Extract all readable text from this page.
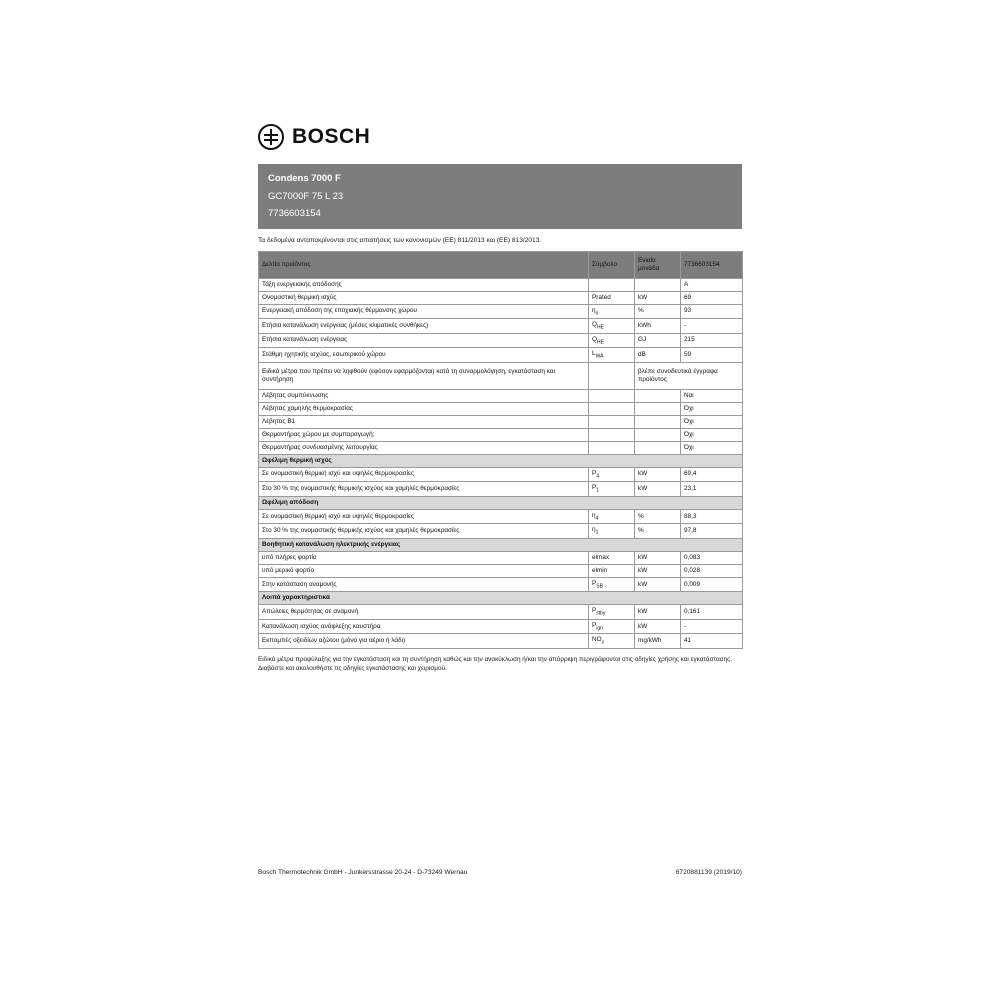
BOSCH
Condens 7000 F
GC7000F 75 L 23
7736603154
Τα δεδομένα ανταποκρίνονται στις απαιτήσεις των κανονισμών (ΕΕ) 811/2013 και (ΕΕ) 813/2013.
Δελτίο προϊόντος	Σύμβολο	Ενιαία μονάδα	7736603154
Τάξη ενεργειακής απόδοσης			A
Ονομαστική θερμική ισχύς	Prated	kW	69
Ενεργειακή απόδοση της εποχιακής θέρμανσης χώρου	$\eta_s$	%	93
Ετήσια κατανάλωση ενέργειας (μέσες κλιματικές συνθήκες)	$Q_{HE}$	kWh	-
Ετήσια κατανάλωση ενέργειας	$Q_{HE}$	GJ	215
Στάθμη ηχητικής ισχύος, εσωτερικού χώρου	$L_{WA}$	dB	59
Ειδικά μέτρα που πρέπει να ληφθούν (εφόσον εφαρμόζονται) κατά τη συναρμολόγηση, εγκατάσταση και συντήρηση		βλέπε συνοδευτικά έγγραφα προϊόντος	
Λέβητας συμπύκνωσης			Ναι
Λέβητας χαμηλής θερμοκρασίας			Όχι
Λέβητας Β1			Όχι
Θερμαντήρας χώρου με συμπαραγωγή;			Όχι
Θερμαντήρας συνδυασμένης λειτουργίας			Όχι
Ωφέλιμη θερμική ισχύς			
Σε ονομαστική θερμική ισχύ και υψηλές θερμοκρασίες	$P_4$	kW	69,4
Στο 30 % της ονομαστικής θερμικής ισχύος και χαμηλές θερμοκρασίες	$P_1$	kW	23,1
Ωφέλιμη απόδοση			
Σε ονομαστική θερμική ισχύ και υψηλές θερμοκρασίες	$\eta_4$	%	88,3
Στο 30 % της ονομαστικής θερμικής ισχύος και χαμηλές θερμοκρασίες	$\eta_1$	%	97,8
Βοηθητική κατανάλωση ηλεκτρικής ενέργειας			
υπό πλήρες φορτίο	elmax	kW	0,083
υπό μερικό φορτίο	elmin	kW	0,028
Στην κατάσταση αναμονής	$P_{SB}$	kW	0,009
Λοιπά χαρακτηριστικά			
Απώλειες θερμότητας σε αναμονή	$P_{stby}$	kW	0,161
Κατανάλωση ισχύος ανάφλεξης καυστήρα	$P_{ign}$	kW	-
Εκπομπές οξειδίων αζώτου (μόνο για αέριο ή λάδι)	$NO_x$	mg/kWh	41
Ειδικά μέτρα προφύλαξης για την εγκατάσταση και τη συντήρηση καθώς και την ανακύκλωση ή/και την απόρριψη περιγράφονται στις οδηγίες χρήσης και εγκατάστασης. Διαβάστε και ακολουθήστε τις οδηγίες εγκατάστασης και χειρισμού.
Bosch Thermotechnik GmbH - Junkersstrasse 20-24 - D-73249 Wernau	6720881139 (2019/10)
